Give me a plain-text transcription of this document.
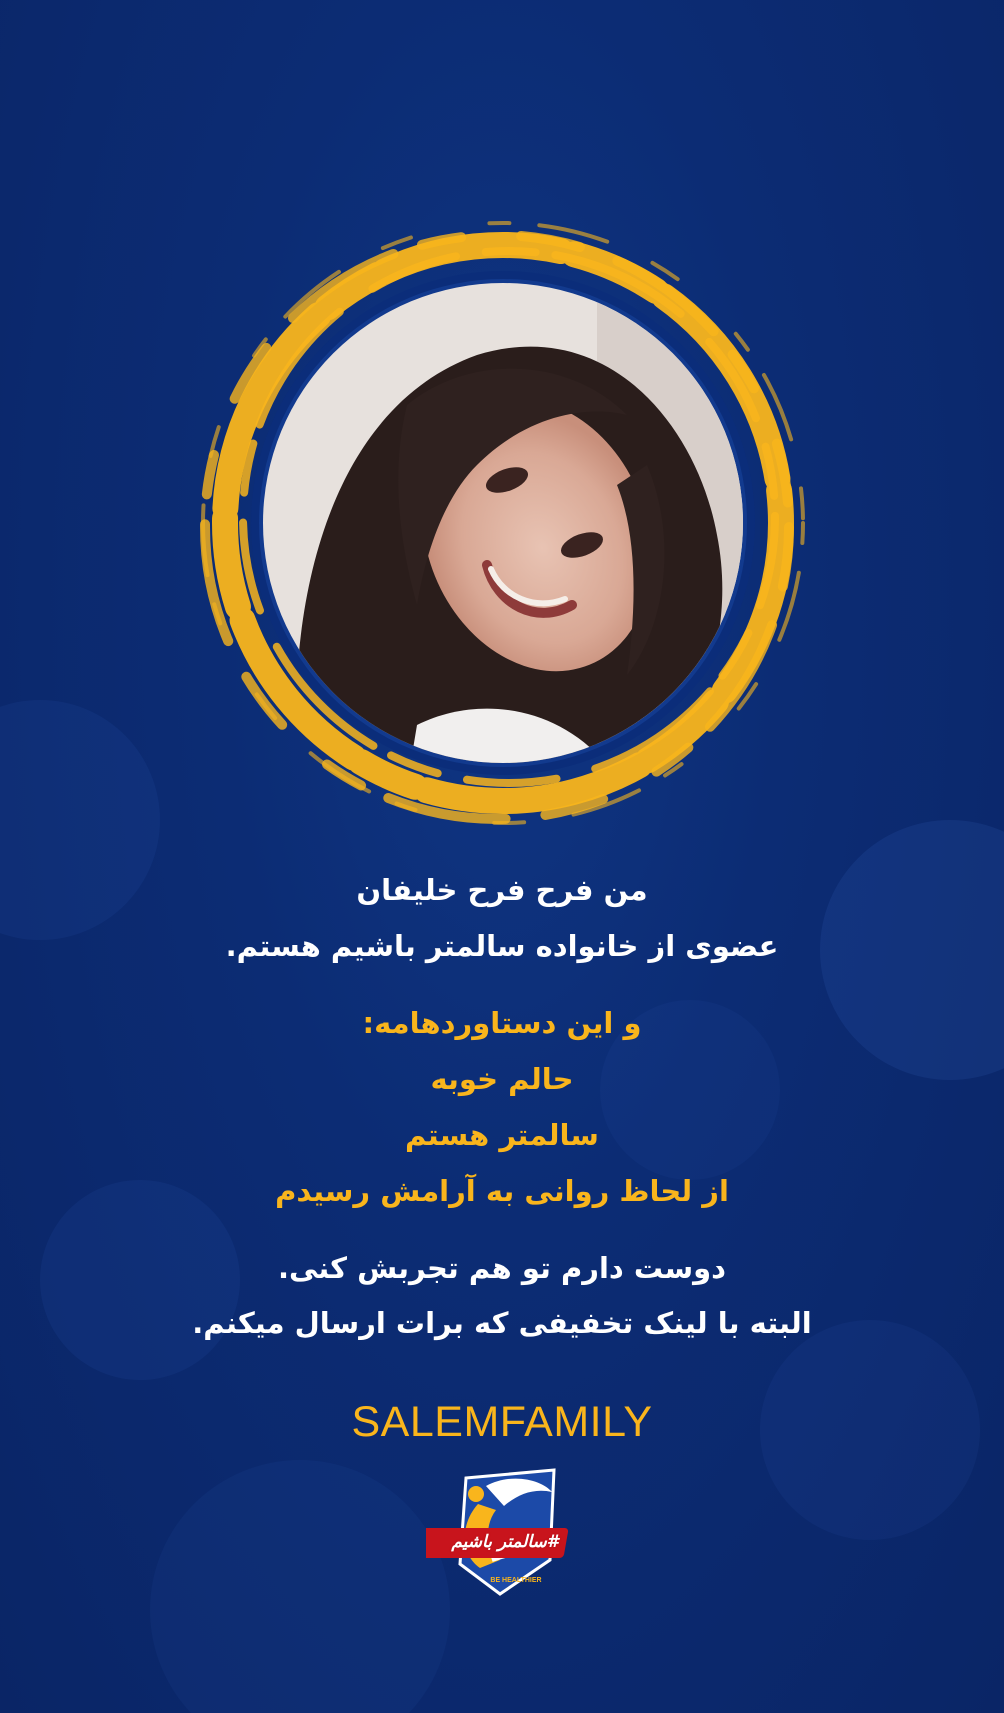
من فرح فرح خلیفان
عضوی از خانواده سالمتر باشیم هستم.
و این دستاوردهامه:
حالم خوبه
سالمتر هستم
از لحاظ روانی به آرامش رسیدم
دوست دارم تو هم تجربش کنی.
البته با لینک تخفیفی که برات ارسال میکنم.
SALEMFAMILY
BE HEALTHIER
#سالمتر باشیم
